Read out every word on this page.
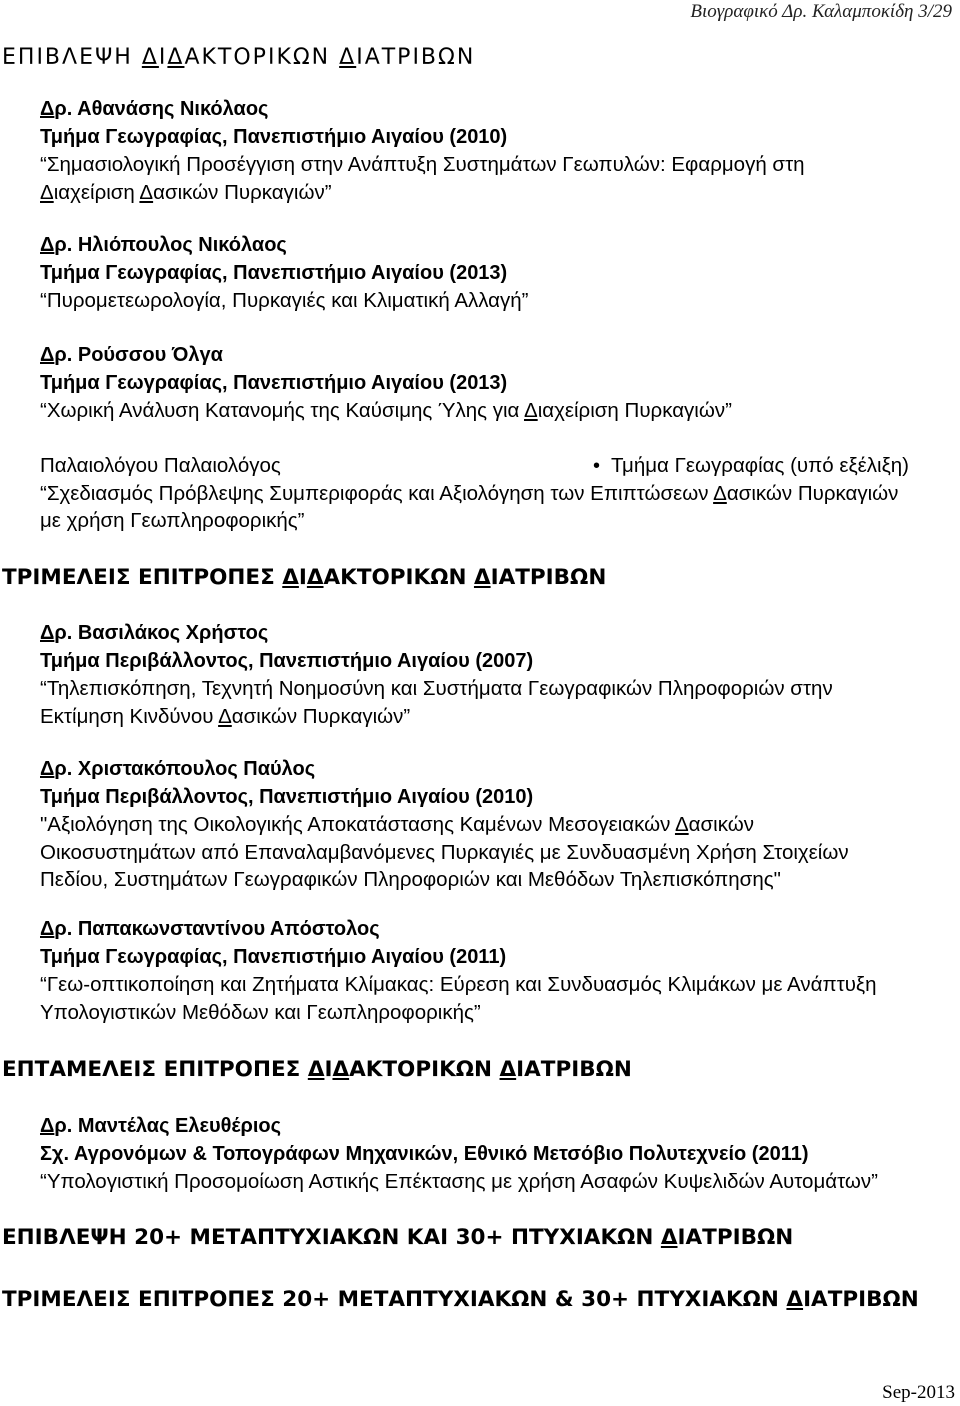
Βιογραφικό Δρ. Καλαμποκίδη 3/29
ΕΠΙΒΛΕΨΗ ΔΙΔΑΚΤΟΡΙΚΩΝ ΔΙΑΤΡΙΒΩΝ
Δρ. Αθανάσης Νικόλαος
Τμήμα Γεωγραφίας, Πανεπιστήμιο Αιγαίου (2010)
“Σημασιολογική Προσέγγιση στην Ανάπτυξη Συστημάτων Γεωπυλών: Εφαρμογή στη
Διαχείριση Δασικών Πυρκαγιών”
Δρ. Ηλιόπουλος Νικόλαος
Τμήμα Γεωγραφίας, Πανεπιστήμιο Αιγαίου (2013)
“Πυρομετεωρολογία, Πυρκαγιές και Κλιματική Αλλαγή”
Δρ. Ρούσσου Όλγα
Τμήμα Γεωγραφίας, Πανεπιστήμιο Αιγαίου (2013)
“Χωρική Ανάλυση Κατανομής της Καύσιμης Ύλης για Διαχείριση Πυρκαγιών”
Παλαιολόγου Παλαιολόγος •	Τμήμα Γεωγραφίας (υπό εξέλιξη)
“Σχεδιασμός Πρόβλεψης Συμπεριφοράς και Αξιολόγηση των Επιπτώσεων Δασικών Πυρκαγιών
με χρήση Γεωπληροφορικής”
ΤΡΙΜΕΛΕΙΣ ΕΠΙΤΡΟΠΕΣ ΔΙΔΑΚΤΟΡΙΚΩΝ ΔΙΑΤΡΙΒΩΝ
Δρ. Βασιλάκος Χρήστος
Τμήμα Περιβάλλοντος, Πανεπιστήμιο Αιγαίου (2007)
“Τηλεπισκόπηση, Τεχνητή Νοημοσύνη και Συστήματα Γεωγραφικών Πληροφοριών στην
Εκτίμηση Κινδύνου Δασικών Πυρκαγιών”
Δρ. Χριστακόπουλος Παύλος
Τμήμα Περιβάλλοντος, Πανεπιστήμιο Αιγαίου (2010)
"Αξιολόγηση της Οικολογικής Αποκατάστασης Καμένων Μεσογειακών Δασικών
Οικοσυστημάτων από Επαναλαμβανόμενες Πυρκαγιές με Συνδυασμένη Χρήση Στοιχείων
Πεδίου, Συστημάτων Γεωγραφικών Πληροφοριών και Μεθόδων Τηλεπισκόπησης"
Δρ. Παπακωνσταντίνου Απόστολος
Τμήμα Γεωγραφίας, Πανεπιστήμιο Αιγαίου (2011)
“Γεω-οπτικοποίηση και Ζητήματα Κλίμακας: Εύρεση και Συνδυασμός Κλιμάκων με Ανάπτυξη
Υπολογιστικών Μεθόδων και Γεωπληροφορικής”
ΕΠΤΑΜΕΛΕΙΣ ΕΠΙΤΡΟΠΕΣ ΔΙΔΑΚΤΟΡΙΚΩΝ ΔΙΑΤΡΙΒΩΝ
Δρ. Μαντέλας Ελευθέριος
Σχ. Αγρονόμων & Τοπογράφων Μηχανικών, Εθνικό Μετσόβιο Πολυτεχνείο (2011)
“Υπολογιστική Προσομοίωση Αστικής Επέκτασης με χρήση Ασαφών Κυψελιδών Αυτομάτων”
ΕΠΙΒΛΕΨΗ 20+ ΜΕΤΑΠΤΥΧΙΑΚΩΝ ΚΑΙ 30+ ΠΤΥΧΙΑΚΩΝ ΔΙΑΤΡΙΒΩΝ
ΤΡΙΜΕΛΕΙΣ ΕΠΙΤΡΟΠΕΣ 20+ ΜΕΤΑΠΤΥΧΙΑΚΩΝ & 30+ ΠΤΥΧΙΑΚΩΝ ΔΙΑΤΡΙΒΩΝ
Sep-2013
